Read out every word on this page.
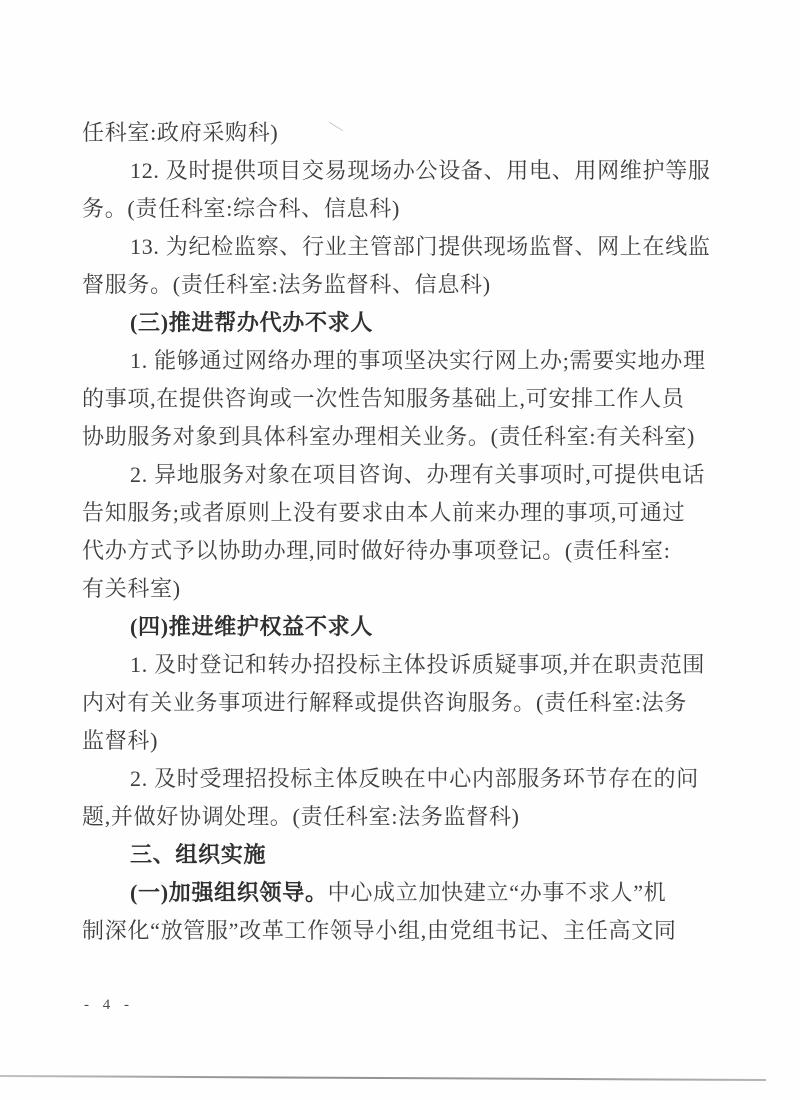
任科室:政府采购科)
12. 及时提供项目交易现场办公设备、用电、用网维护等服
务。(责任科室:综合科、信息科)
13. 为纪检监察、行业主管部门提供现场监督、网上在线监
督服务。(责任科室:法务监督科、信息科)
(三)推进帮办代办不求人
1. 能够通过网络办理的事项坚决实行网上办;需要实地办理
的事项,在提供咨询或一次性告知服务基础上,可安排工作人员
协助服务对象到具体科室办理相关业务。(责任科室:有关科室)
2. 异地服务对象在项目咨询、办理有关事项时,可提供电话
告知服务;或者原则上没有要求由本人前来办理的事项,可通过
代办方式予以协助办理,同时做好待办事项登记。(责任科室:
有关科室)
(四)推进维护权益不求人
1. 及时登记和转办招投标主体投诉质疑事项,并在职责范围
内对有关业务事项进行解释或提供咨询服务。(责任科室:法务
监督科)
2. 及时受理招投标主体反映在中心内部服务环节存在的问
题,并做好协调处理。(责任科室:法务监督科)
三、组织实施
(一)加强组织领导。中心成立加快建立“办事不求人”机
制深化“放管服”改革工作领导小组,由党组书记、主任高文同
- 4 -
